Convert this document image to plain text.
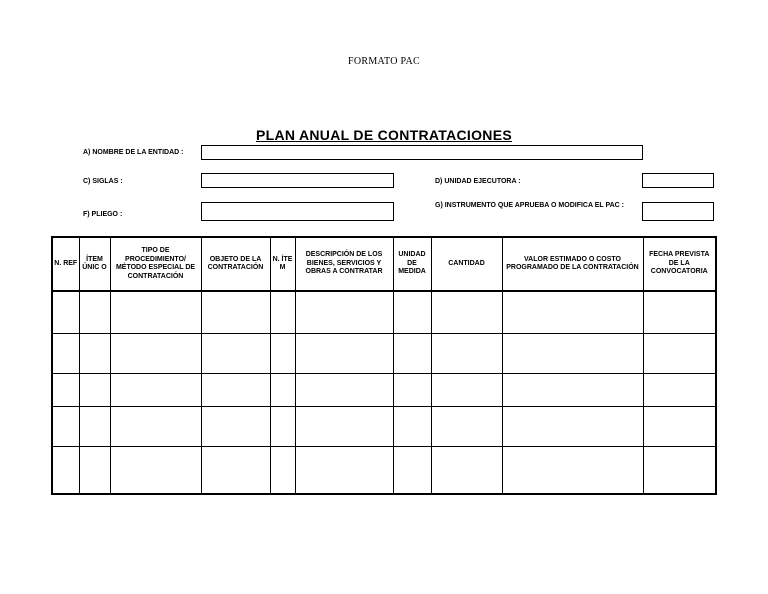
FORMATO PAC
PLAN ANUAL DE CONTRATACIONES
A) NOMBRE DE LA ENTIDAD :
C) SIGLAS :	D) UNIDAD EJECUTORA :
F) PLIEGO :
G) INSTRUMENTO QUE APRUEBA O MODIFICA EL PAC :
N. REF	ÍTEM ÚNIC O	TIPO DE PROCEDIMIENTO/ MÉTODO ESPECIAL DE CONTRATACIÓN	OBJETO DE LA CONTRATACIÓN	N. ÍTE M	DESCRIPCIÓN DE LOS BIENES, SERVICIOS Y OBRAS A CONTRATAR	UNIDAD DE MEDIDA	CANTIDAD	VALOR ESTIMADO O COSTO PROGRAMADO DE LA CONTRATACIÓN	FECHA PREVISTA DE LA CONVOCATORIA
